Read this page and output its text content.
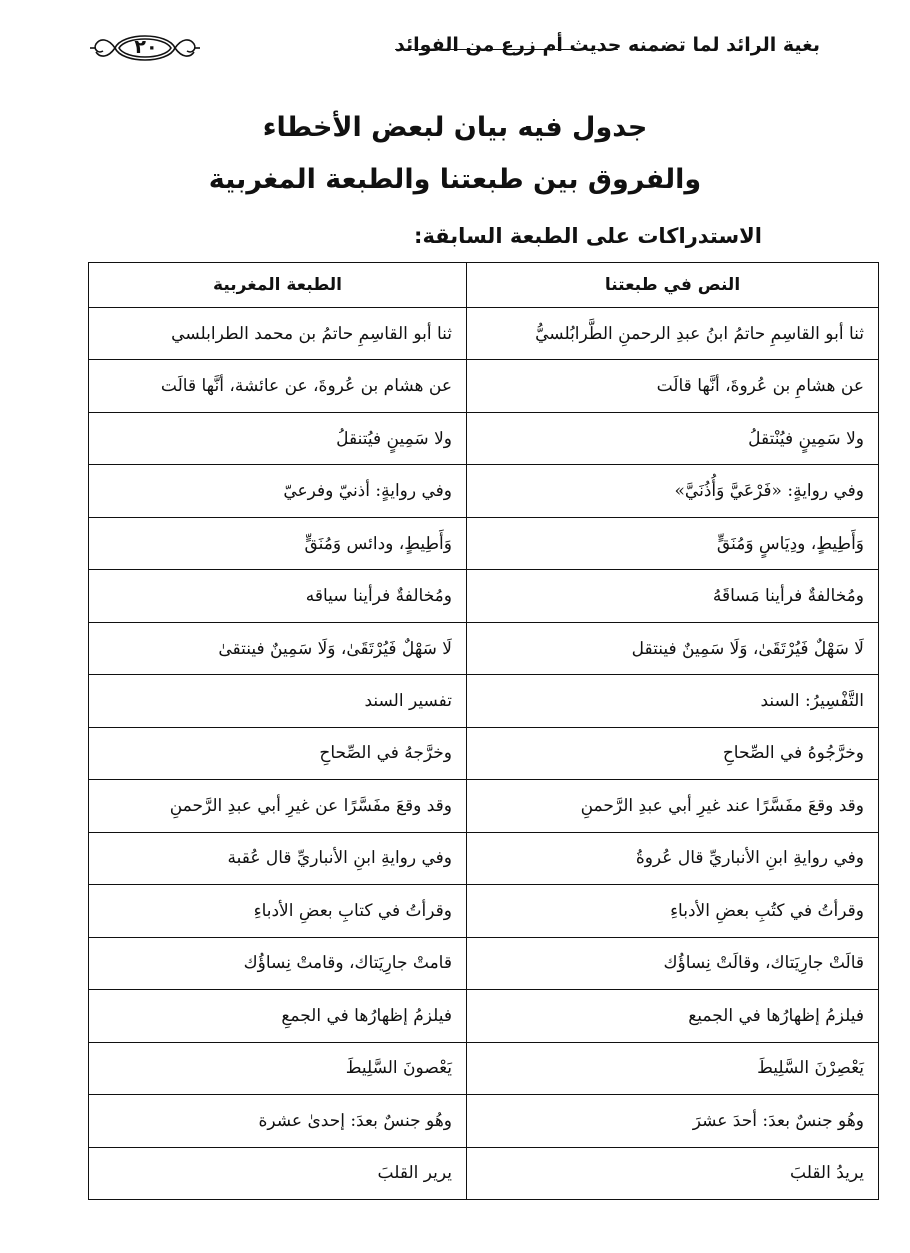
بغية الرائد لما تضمنه حديث أم زرع من الفوائد
٢٠
جدول فيه بيان لبعض الأخطاء
والفروق بين طبعتنا والطبعة المغربية
الاستدراكات على الطبعة السابقة:
النص في طبعتنا	الطبعة المغربية
ثنا أبو القاسِمِ حاتمُ ابنُ عبدِ الرحمنِ الطَّرابُلسيُّ	ثنا أبو القاسِمِ حاتمُ بن محمد الطرابلسي
عن هشامِ بن عُروةَ، أنَّها قالَت	عن هشام بن عُروةَ، عن عائشة، أنَّها قالَت
ولا سَمِينٍ فيُنْتقلُ	ولا سَمِينٍ فيُتنقلُ
وفي روايةٍ: «فَرْعَيَّ وَأُذُنَيَّ»	وفي روايةٍ: أذنيّ وفرعيّ
وَأَطِيطٍ، ودِيَاسٍ وَمُنَقٍّ	وَأَطِيطٍ، ودائس وَمُنَقٍّ
ومُخالفةٌ فرأينا مَساقَهُ	ومُخالفةٌ فرأينا سياقه
لَا سَهْلٌ فَيُرْتَقَىٰ، وَلَا سَمِينٌ فينتقل	لَا سَهْلٌ فَيُرْتَقَىٰ، وَلَا سَمِينٌ فينتقىٰ
التَّفْسِيرُ: السند	تفسير السند
وخرَّجُوهُ في الصِّحاحِ	وخرَّجهُ في الصِّحاحِ
وقد وقعَ مفَسَّرًا عند غيرِ أبي عبدِ الرَّحمنِ	وقد وقعَ مفَسَّرًا عن غيرِ أبي عبدِ الرَّحمنِ
وفي روايةِ ابنِ الأنباريِّ قال عُروةُ	وفي روايةِ ابنِ الأنباريِّ قال عُقبة
وقرأتُ في كتُبِ بعضِ الأدباءِ	وقرأتُ في كتابِ بعضِ الأدباءِ
قالَتْ جارِيَتاك، وقالَتْ نِساؤُك	قامتْ جارِيَتاك، وقامتْ نِساؤُك
فيلزمُ إظهارُها في الجميع	فيلزمُ إظهارُها في الجمعِ
يَعْصِرْنَ السَّلِيطَ	يَعْصونَ السَّلِيطَ
وهُو جنسٌ بعدَ: أحدَ عشرَ	وهُو جنسٌ بعدَ: إحدىٰ عشرة
يريدُ القلبَ	يرير القلبَ
